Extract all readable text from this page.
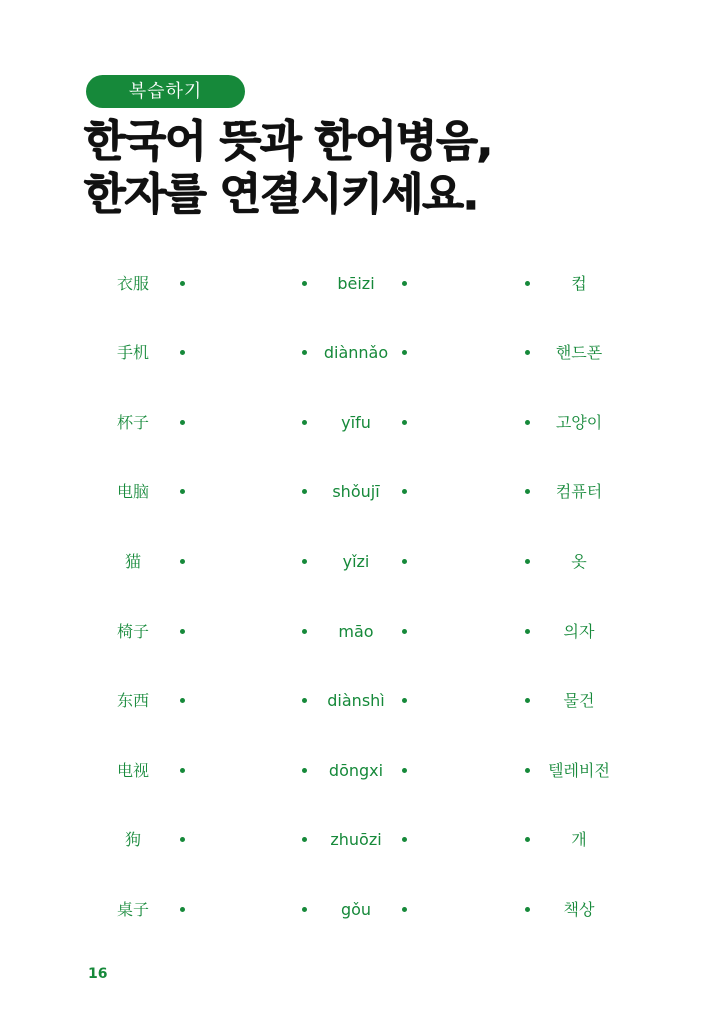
복습하기
한국어 뜻과 한어병음,
한자를 연결시키세요.
衣服	bēizi	컵
手机	diànnǎo	핸드폰
杯子	yīfu	고양이
电脑	shǒujī	컴퓨터
猫	yǐzi	옷
椅子	māo	의자
东西	diànshì	물건
电视	dōngxi	텔레비전
狗	zhuōzi	개
桌子	gǒu	책상
16
